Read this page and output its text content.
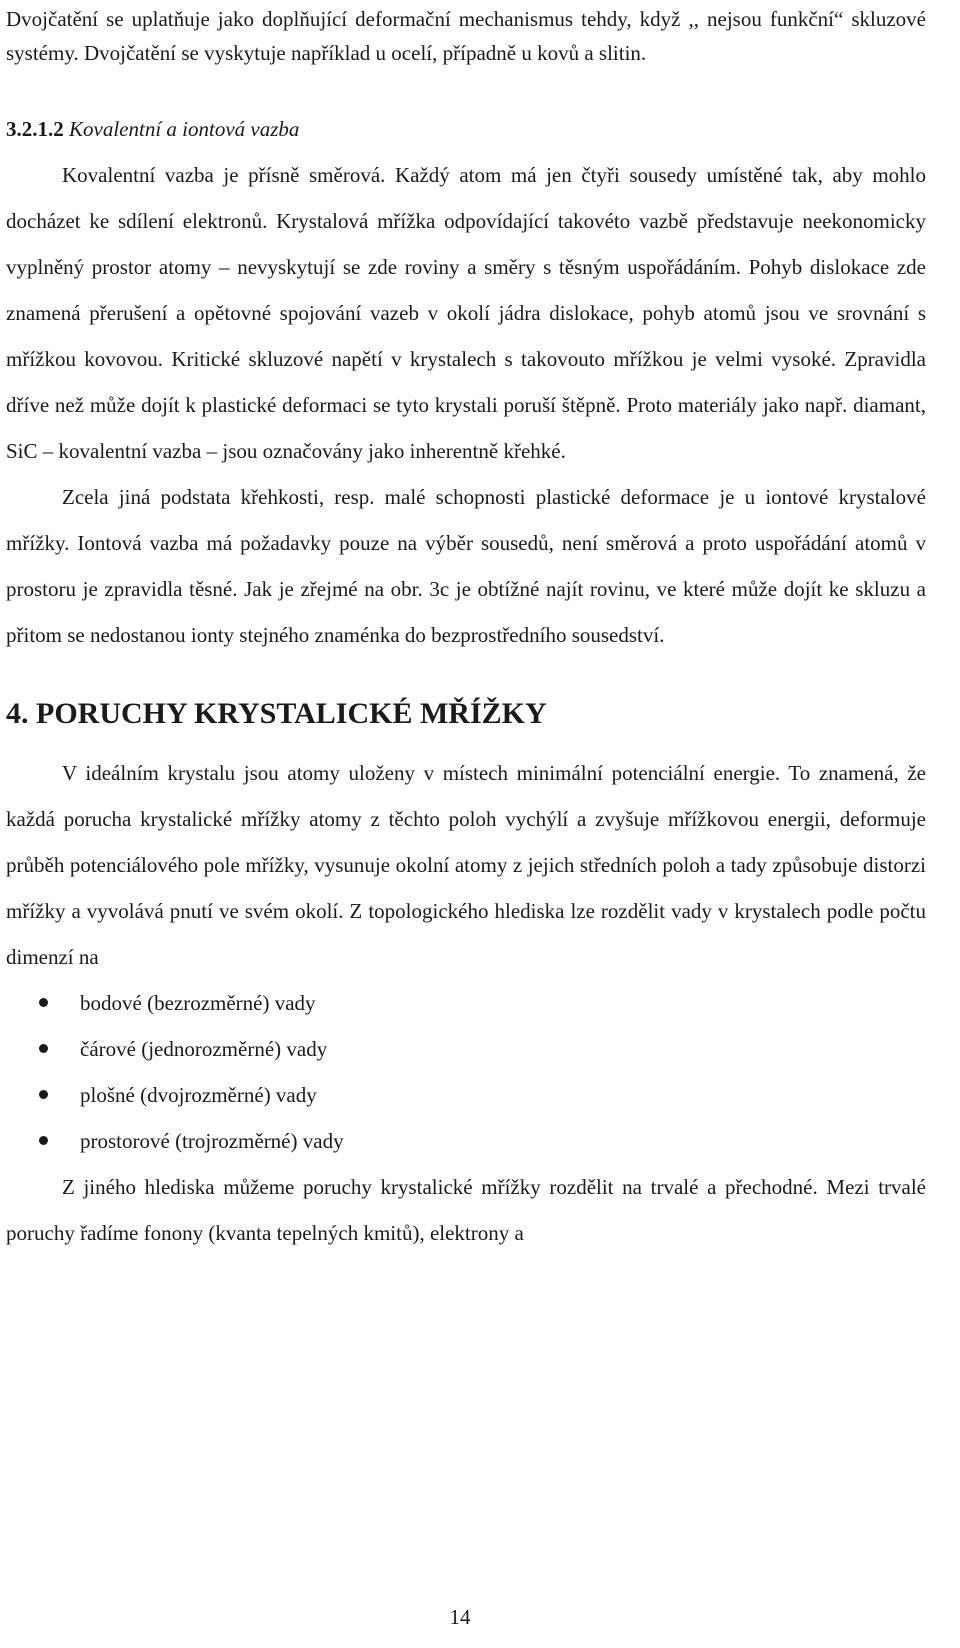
Dvojčatění se uplatňuje jako doplňující deformační mechanismus tehdy, když ,, nejsou funkční“ skluzové systémy. Dvojčatění se vyskytuje například u ocelí, případně u kovů a slitin.

3.2.1.2 Kovalentní a iontová vazba

Kovalentní vazba je přísně směrová. Každý atom má jen čtyři sousedy umístěné tak, aby mohlo docházet ke sdílení elektronů. Krystalová mřížka odpovídající takovéto vazbě představuje neekonomicky vyplněný prostor atomy – nevyskytují se zde roviny a směry s těsným uspořádáním. Pohyb dislokace zde znamená přerušení a opětovné spojování vazeb v okolí jádra dislokace, pohyb atomů jsou ve srovnání s mřížkou kovovou. Kritické skluzové napětí v krystalech s takovouto mřížkou je velmi vysoké. Zpravidla dříve než může dojít k plastické deformaci se tyto krystali poruší štěpně. Proto materiály jako např. diamant, SiC – kovalentní vazba – jsou označovány jako inherentně křehké.

Zcela jiná podstata křehkosti, resp. malé schopnosti plastické deformace je u iontové krystalové mřížky. Iontová vazba má požadavky pouze na výběr sousedů, není směrová a proto uspořádání atomů v prostoru je zpravidla těsné. Jak je zřejmé na obr. 3c je obtížné najít rovinu, ve které může dojít ke skluzu a přitom se nedostanou ionty stejného znaménka do bezprostředního sousedství.

4. PORUCHY KRYSTALICKÉ MŘÍŽKY

V ideálním krystalu jsou atomy uloženy v místech minimální potenciální energie. To znamená, že každá porucha krystalické mřížky atomy z těchto poloh vychýlí a zvyšuje mřížkovou energii, deformuje průběh potenciálového pole mřížky, vysunuje okolní atomy z jejich středních poloh a tady způsobuje distorzi mřížky a vyvolává pnutí ve svém okolí. Z topologického hlediska lze rozdělit vady v krystalech podle počtu dimenzí na

bodové (bezrozměrné) vady
čárové (jednorozměrné) vady
plošné (dvojrozměrné) vady
prostorové (trojrozměrné) vady

Z jiného hlediska můžeme poruchy krystalické mřížky rozdělit na trvalé a přechodné. Mezi trvalé poruchy řadíme fonony (kvanta tepelných kmitů), elektrony a

14
